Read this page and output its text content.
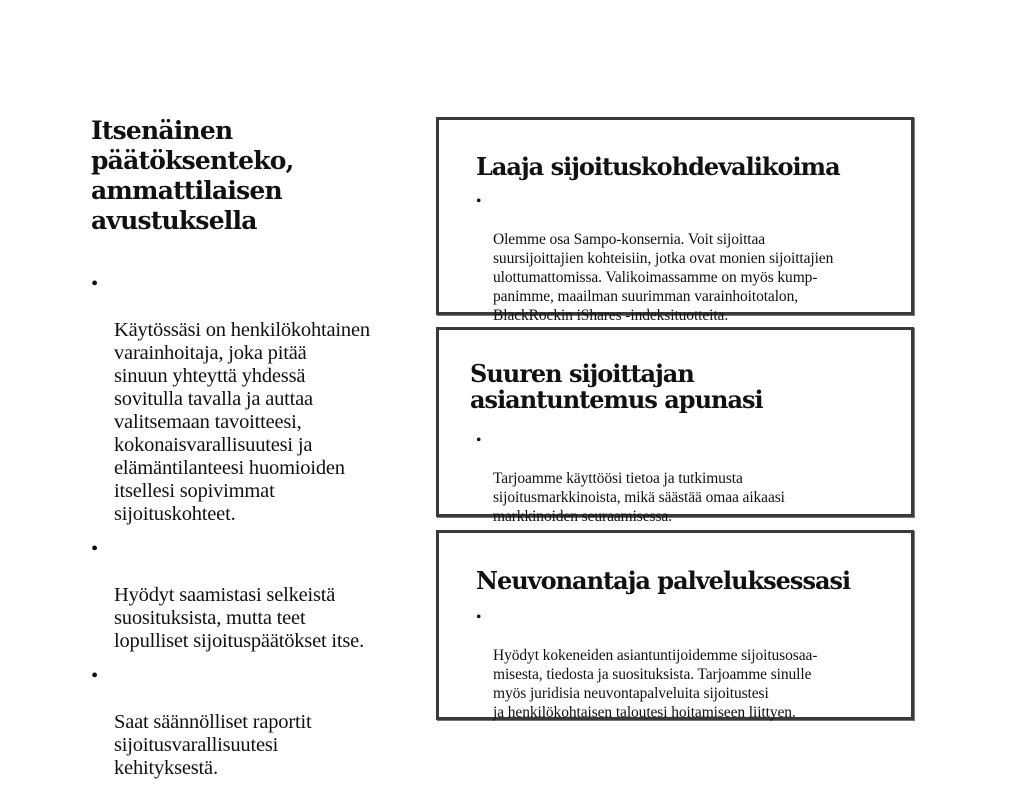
Itsenäinen
päätöksenteko,
ammattilaisen
avustuksella

•

Käytössäsi on henkilökohtainen
varainhoitaja, joka pitää
sinuun yhteyttä yhdessä
sovitulla tavalla ja auttaa
valitsemaan tavoitteesi,
kokonaisvarallisuutesi ja
elämäntilanteesi huomioiden
itsellesi sopivimmat
sijoituskohteet.

•

Hyödyt saamistasi selkeistä
suosituksista, mutta teet
lopulliset sijoituspäätökset itse.

•

Saat säännölliset raportit
sijoitusvarallisuutesi
kehityksestä.

Laaja sijoituskohdevalikoima

•

Olemme osa Sampo-konsernia. Voit sijoittaa
suursijoittajien kohteisiin, jotka ovat monien sijoittajien
ulottumattomissa. Valikoimassamme on myös kump-
panimme, maailman suurimman varainhoitotalon,
BlackRockin iShares -indeksituotteita.

Suuren sijoittajan
asiantuntemus apunasi

•

Tarjoamme käyttöösi tietoa ja tutkimusta
sijoitusmarkkinoista, mikä säästää omaa aikaasi
markkinoiden seuraamisessa.

Neuvonantaja palveluksessasi

•

Hyödyt kokeneiden asiantuntijoidemme sijoitusosaa-
misesta, tiedosta ja suosituksista. Tarjoamme sinulle
myös juridisia neuvontapalveluita sijoitustesi
ja henkilökohtaisen taloutesi hoitamiseen liittyen.
